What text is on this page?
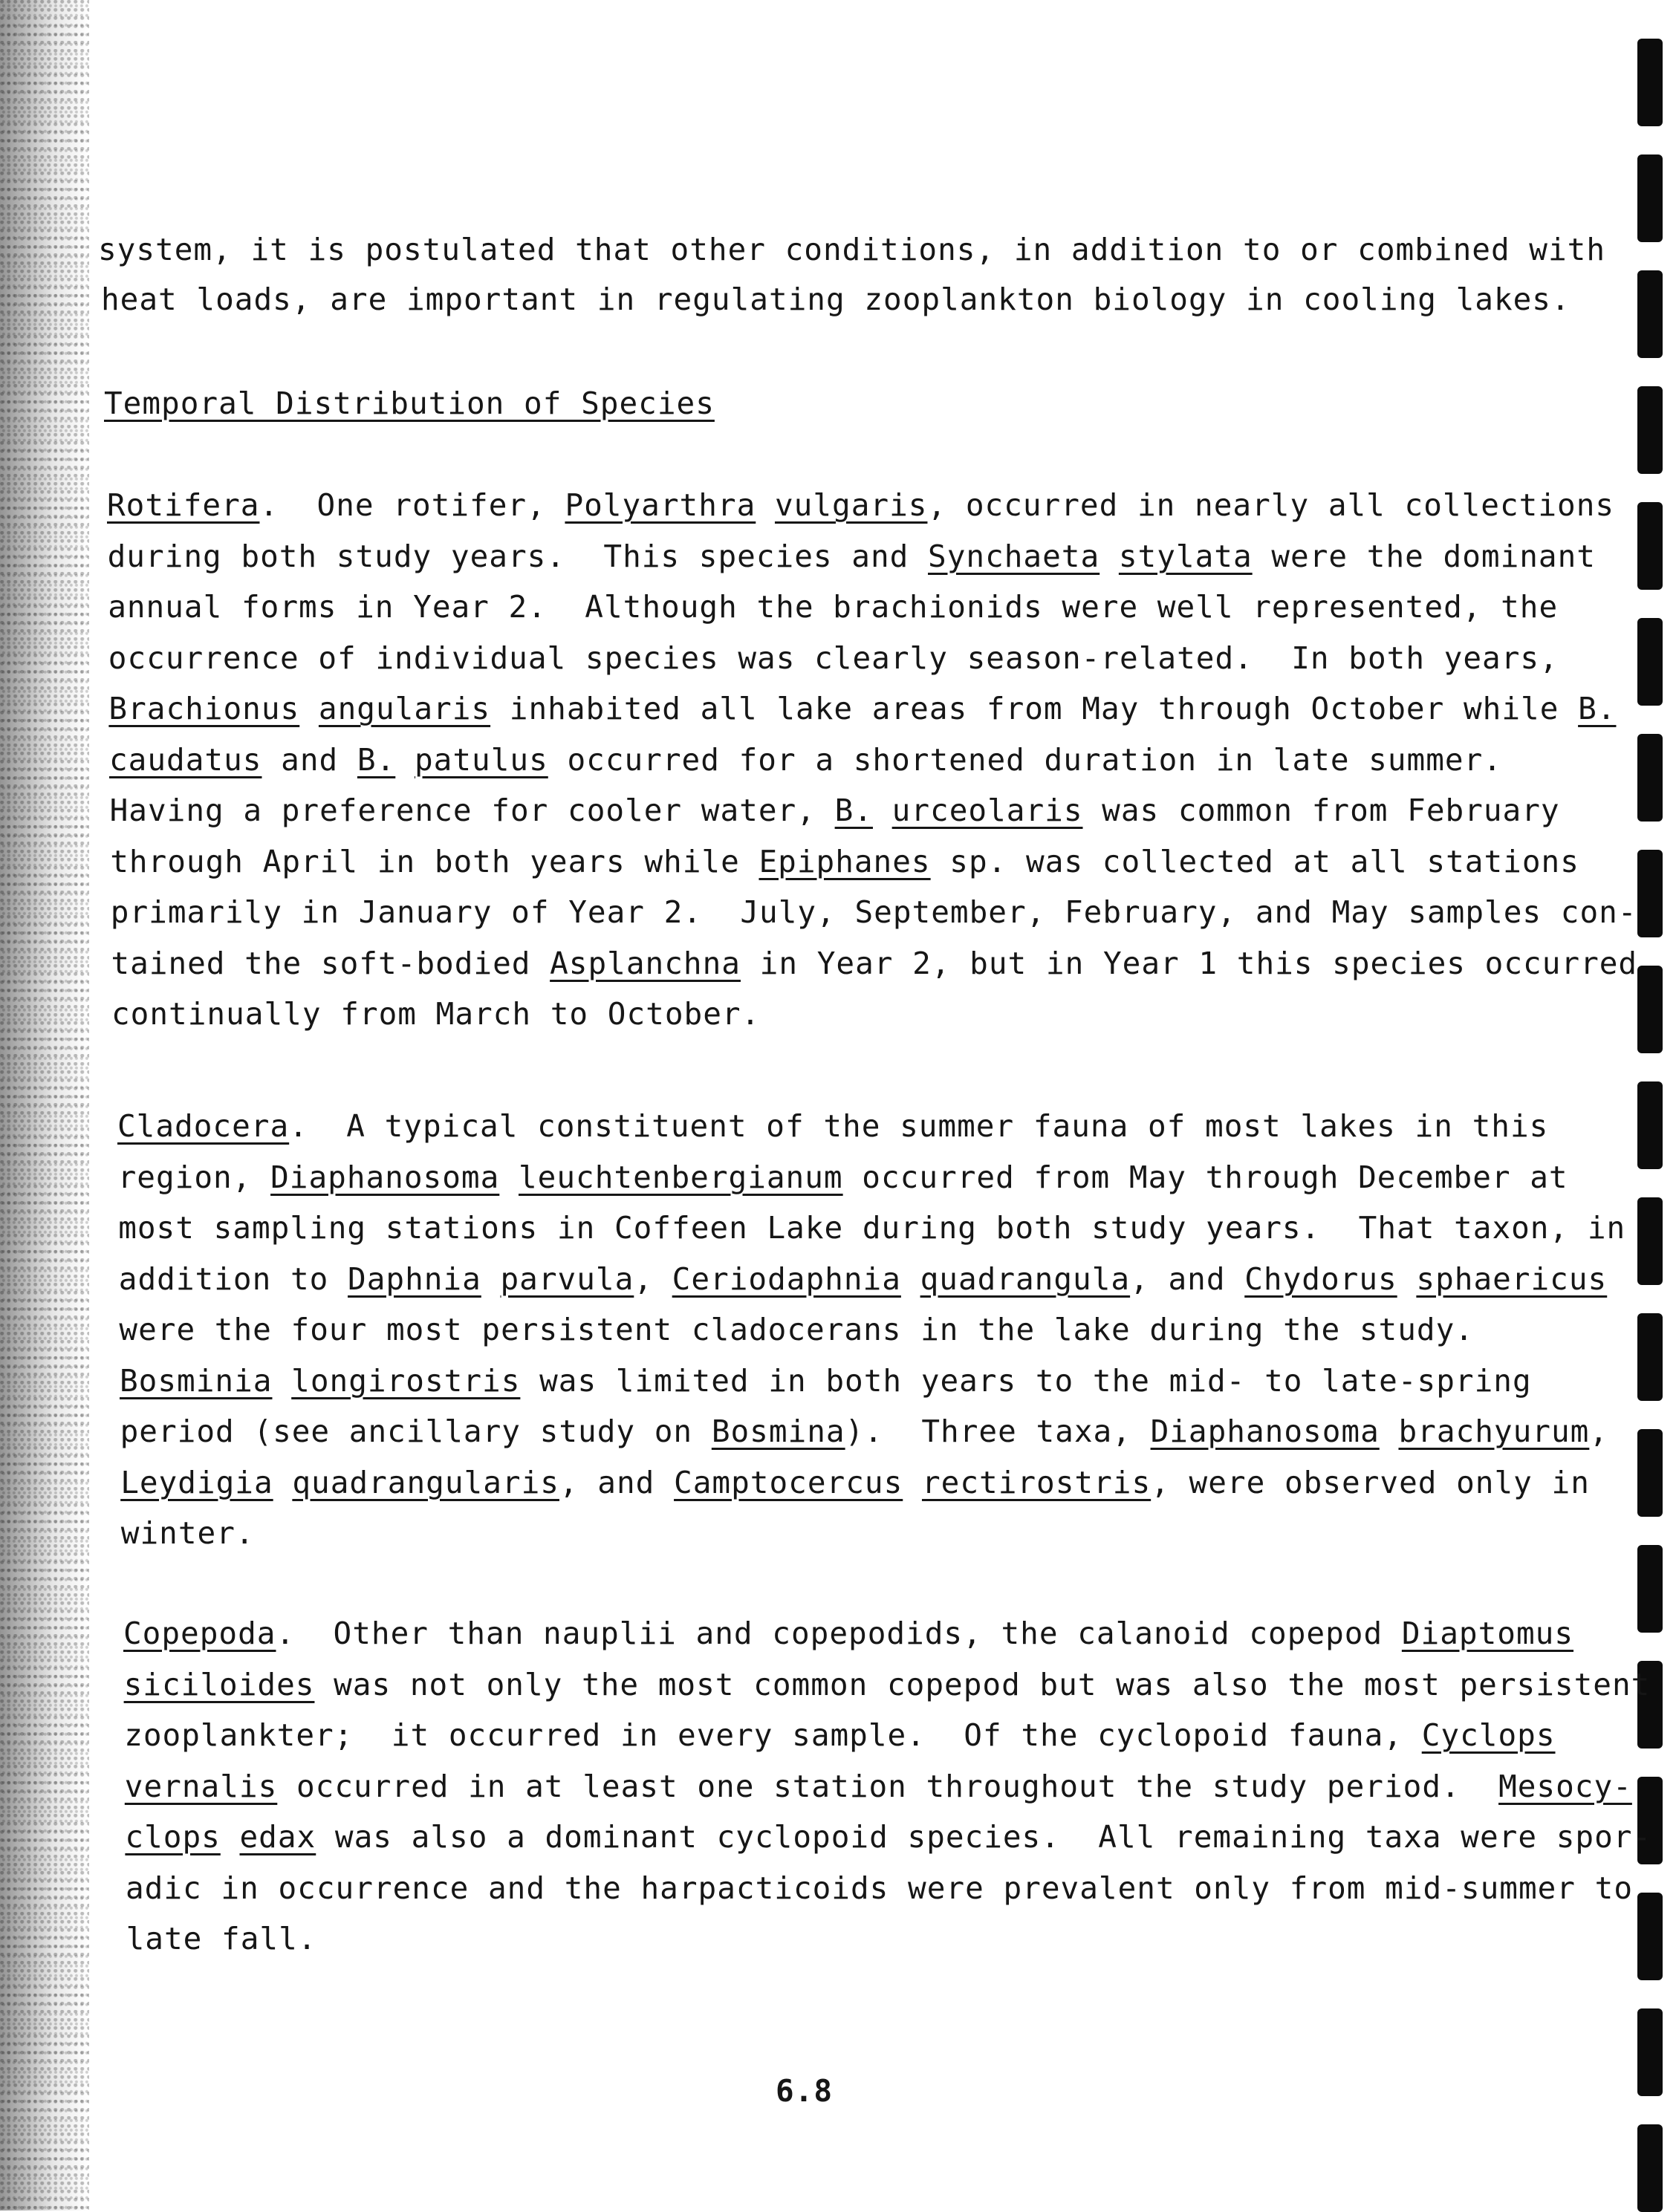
system, it is postulated that other conditions, in addition to or combined with
heat loads, are important in regulating zooplankton biology in cooling lakes.
Temporal Distribution of Species
Rotifera.  One rotifer, Polyarthra vulgaris, occurred in nearly all collections
during both study years.  This species and Synchaeta stylata were the dominant
annual forms in Year 2.  Although the brachionids were well represented, the
occurrence of individual species was clearly season-related.  In both years,
Brachionus angularis inhabited all lake areas from May through October while B.
caudatus and B. patulus occurred for a shortened duration in late summer.
Having a preference for cooler water, B. urceolaris was common from February
through April in both years while Epiphanes sp. was collected at all stations
primarily in January of Year 2.  July, September, February, and May samples con-
tained the soft-bodied Asplanchna in Year 2, but in Year 1 this species occurred
continually from March to October.
Cladocera.  A typical constituent of the summer fauna of most lakes in this
region, Diaphanosoma leuchtenbergianum occurred from May through December at
most sampling stations in Coffeen Lake during both study years.  That taxon, in
addition to Daphnia parvula, Ceriodaphnia quadrangula, and Chydorus sphaericus
were the four most persistent cladocerans in the lake during the study.
Bosminia longirostris was limited in both years to the mid- to late-spring
period (see ancillary study on Bosmina).  Three taxa, Diaphanosoma brachyurum,
Leydigia quadrangularis, and Camptocercus rectirostris, were observed only in
winter.
Copepoda.  Other than nauplii and copepodids, the calanoid copepod Diaptomus
siciloides was not only the most common copepod but was also the most persistent
zooplankter;  it occurred in every sample.  Of the cyclopoid fauna, Cyclops
vernalis occurred in at least one station throughout the study period.  Mesocy-
clops edax was also a dominant cyclopoid species.  All remaining taxa were spor-
adic in occurrence and the harpacticoids were prevalent only from mid-summer to
late fall.
6.8
